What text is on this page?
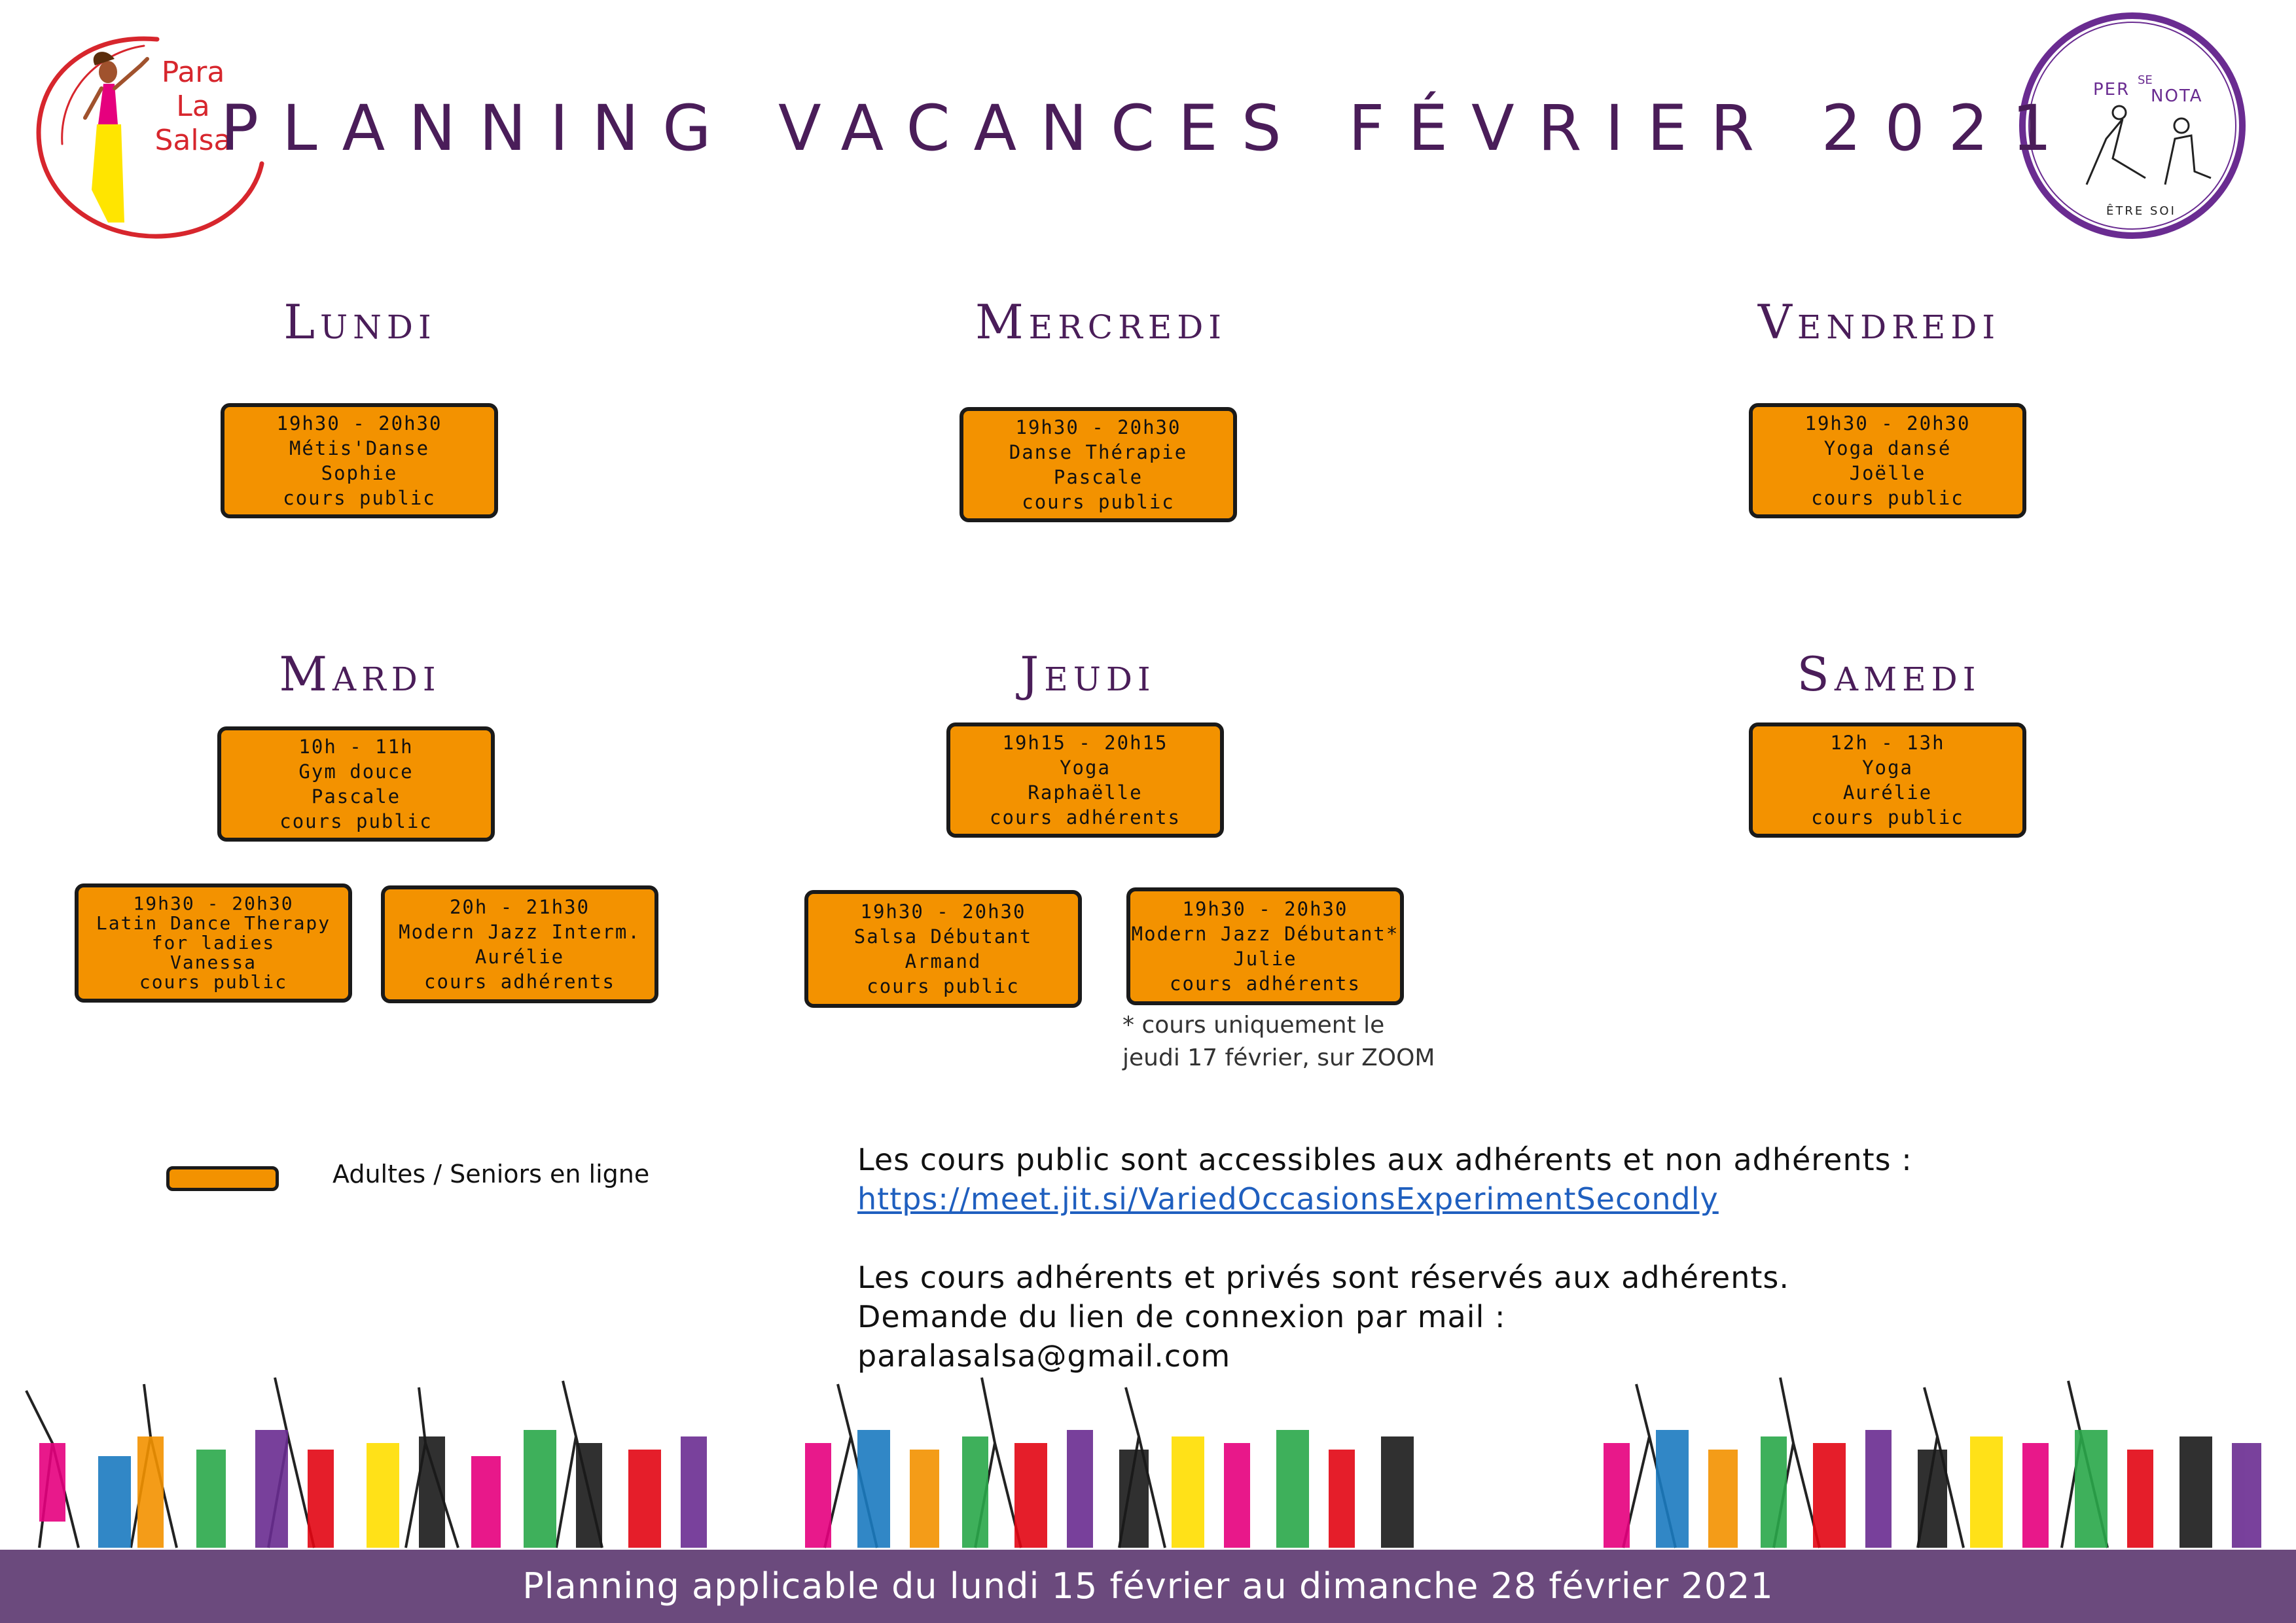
Para
La
Salsa
PER SE
NOTA
ÊTRE SOI
PLANNING VACANCES FÉVRIER 2021
Lundi	Mercredi	Vendredi
Mardi	Jeudi	Samedi
19h30 - 20h30
Métis'Danse
Sophie
cours public
19h30 - 20h30
Danse Thérapie
Pascale
cours public
19h30 - 20h30
Yoga dansé
Joëlle
cours public
10h - 11h
Gym douce
Pascale
cours public
19h30 - 20h30
Latin Dance Therapy
for ladies
Vanessa
cours public
20h - 21h30
Modern Jazz Interm.
Aurélie
cours adhérents
19h15 - 20h15
Yoga
Raphaëlle
cours adhérents
19h30 - 20h30
Salsa Débutant
Armand
cours public
19h30 - 20h30
Modern Jazz Débutant*
Julie
cours adhérents
12h - 13h
Yoga
Aurélie
cours public
* cours uniquement le
jeudi 17 février, sur ZOOM
Adultes / Seniors en ligne	Les cours public sont accessibles aux adhérents et non adhérents :
https://meet.jit.si/VariedOccasionsExperimentSecondly
Les cours adhérents et privés sont réservés aux adhérents.
Demande du lien de connexion par mail :
paralasalsa@gmail.com
Planning applicable du lundi 15 février au dimanche 28 février 2021
